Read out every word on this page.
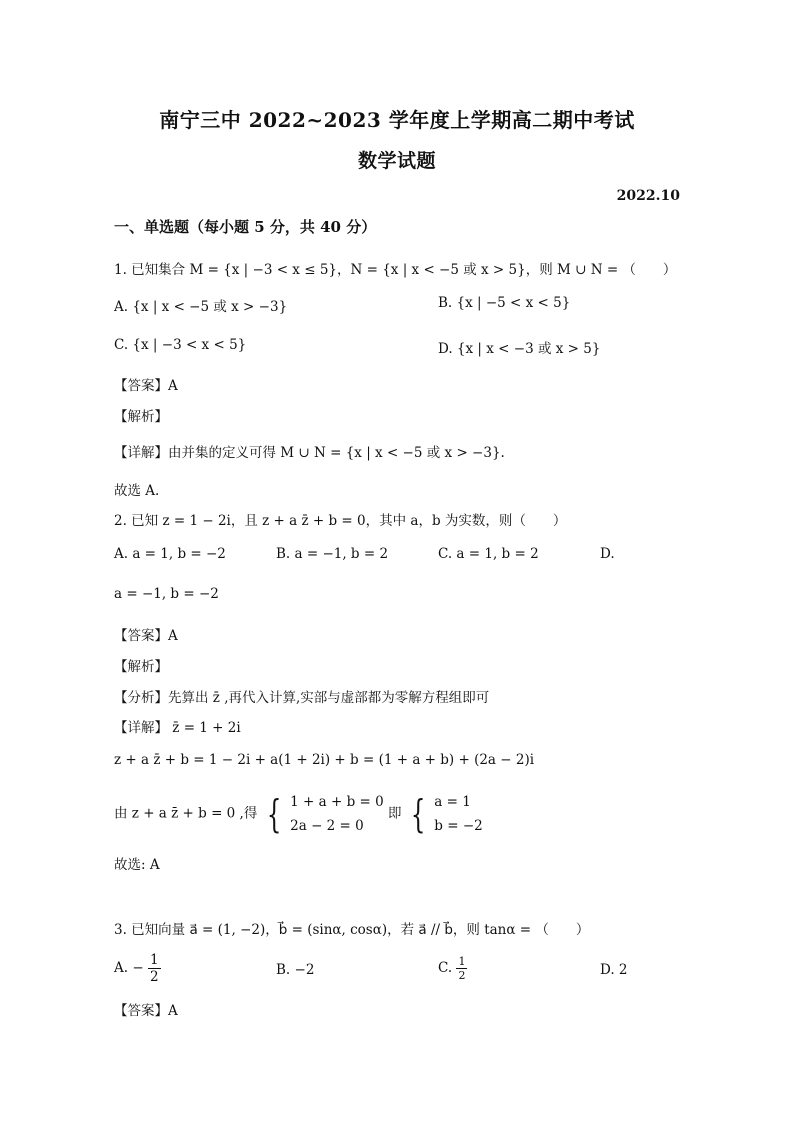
南宁三中 2022~2023 学年度上学期高二期中考试
数学试题
2022.10
一、单选题（每小题 5 分，共 40 分）
1. 已知集合 M = {x | −3 < x ≤ 5}，N = {x | x < −5 或 x > 5}，则 M ∪ N = （　　）
A. {x | x < −5 或 x > −3}	B. {x | −5 < x < 5}
C. {x | −3 < x < 5}	D. {x | x < −3 或 x > 5}
【答案】A
【解析】
【详解】由并集的定义可得 M ∪ N = {x | x < −5 或 x > −3}.
故选 A.
2. 已知 z = 1 − 2i，且 z + a z̄ + b = 0，其中 a，b 为实数，则（　　）
A. a = 1, b = −2	B. a = −1, b = 2	C. a = 1, b = 2	D.
a = −1, b = −2
【答案】A
【解析】
【分析】先算出 z̄ ,再代入计算,实部与虚部都为零解方程组即可
【详解】 z̄ = 1 + 2i
z + a z̄ + b = 1 − 2i + a(1 + 2i) + b = (1 + a + b) + (2a − 2)i
由 z + a z̄ + b = 0 ,得 { 1 + a + b = 0
2a − 2 = 0
即 { a = 1
b = −2
故选: A
3. 已知向量 a⃗ = (1, −2)，b⃗ = (sinα, cosα)，若 a⃗ // b⃗，则 tanα = （　　）
A. − $\frac{1}{2}$	B. −2	C. $\frac{1}{2}$	D. 2
【答案】A
